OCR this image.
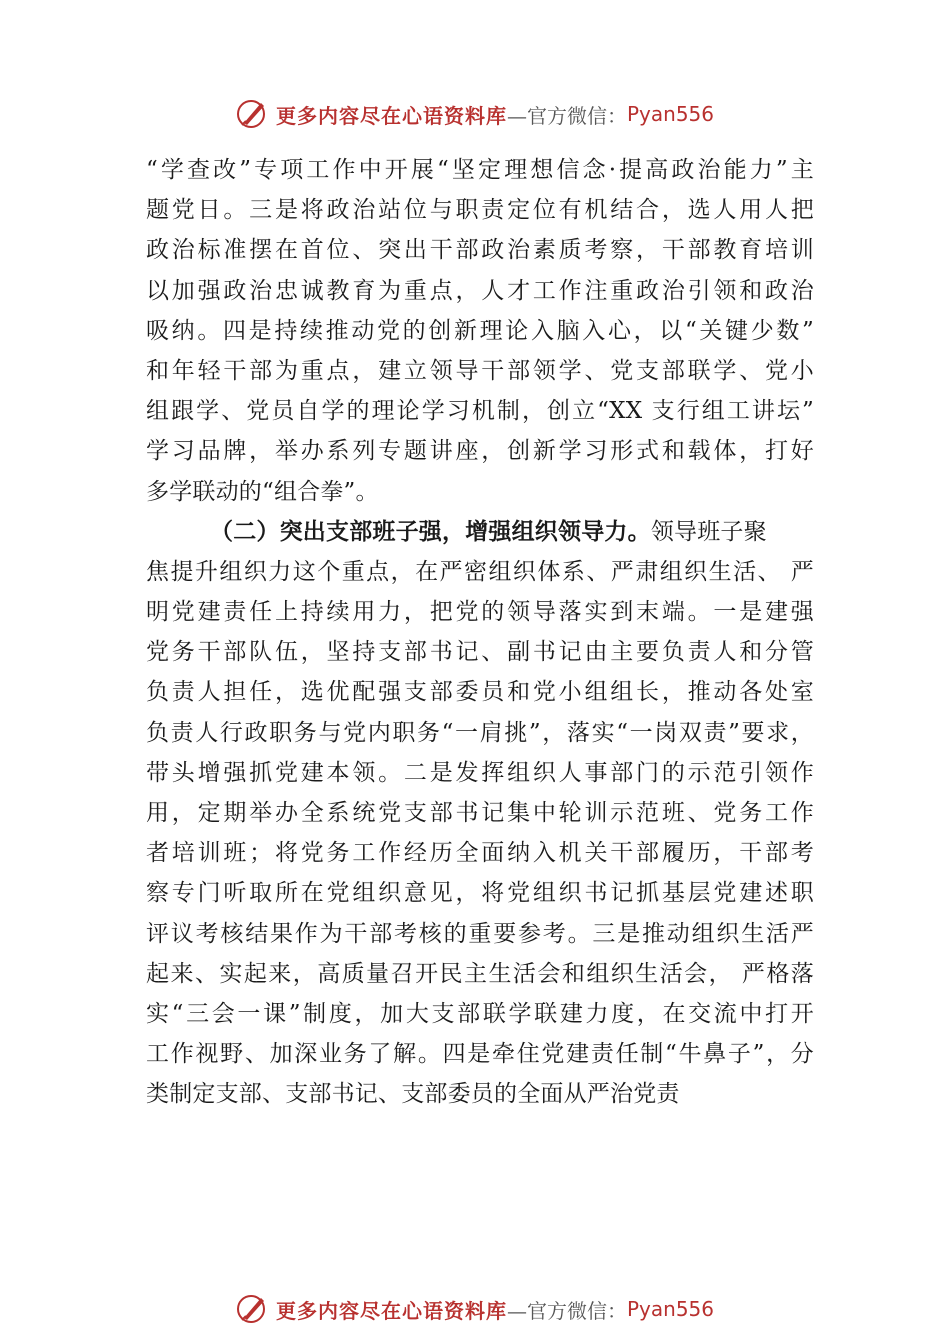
更多内容尽在心语资料库 —官方微信： Pyan556
“学查改”专项工作中开展“坚定理想信念·提高政治能力”主
题党日。三是将政治站位与职责定位有机结合，选人用人把
政治标准摆在首位、突出干部政治素质考察，干部教育培训
以加强政治忠诚教育为重点，人才工作注重政治引领和政治
吸纳。四是持续推动党的创新理论入脑入心，以“关键少数”
和年轻干部为重点，建立领导干部领学、党支部联学、党小
组跟学、党员自学的理论学习机制，创立“XX 支行组工讲坛”
学习品牌，举办系列专题讲座，创新学习形式和载体，打好
多学联动的“组合拳”。
（二）突出支部班子强，增强组织领导力。领导班子聚
焦提升组织力这个重点，在严密组织体系、严肃组织生活、 严
明党建责任上持续用力，把党的领导落实到末端。一是建强
党务干部队伍，坚持支部书记、副书记由主要负责人和分管
负责人担任，选优配强支部委员和党小组组长，推动各处室
负责人行政职务与党内职务“一肩挑”，落实“一岗双责”要求，
带头增强抓党建本领。二是发挥组织人事部门的示范引领作
用，定期举办全系统党支部书记集中轮训示范班、党务工作
者培训班；将党务工作经历全面纳入机关干部履历，干部考
察专门听取所在党组织意见，将党组织书记抓基层党建述职
评议考核结果作为干部考核的重要参考。三是推动组织生活严
起来、实起来，高质量召开民主生活会和组织生活会， 严格落
实“三会一课”制度，加大支部联学联建力度，在交流中打开
工作视野、加深业务了解。四是牵住党建责任制“牛鼻子”，分
类制定支部、支部书记、支部委员的全面从严治党责
更多内容尽在心语资料库 —官方微信： Pyan556
